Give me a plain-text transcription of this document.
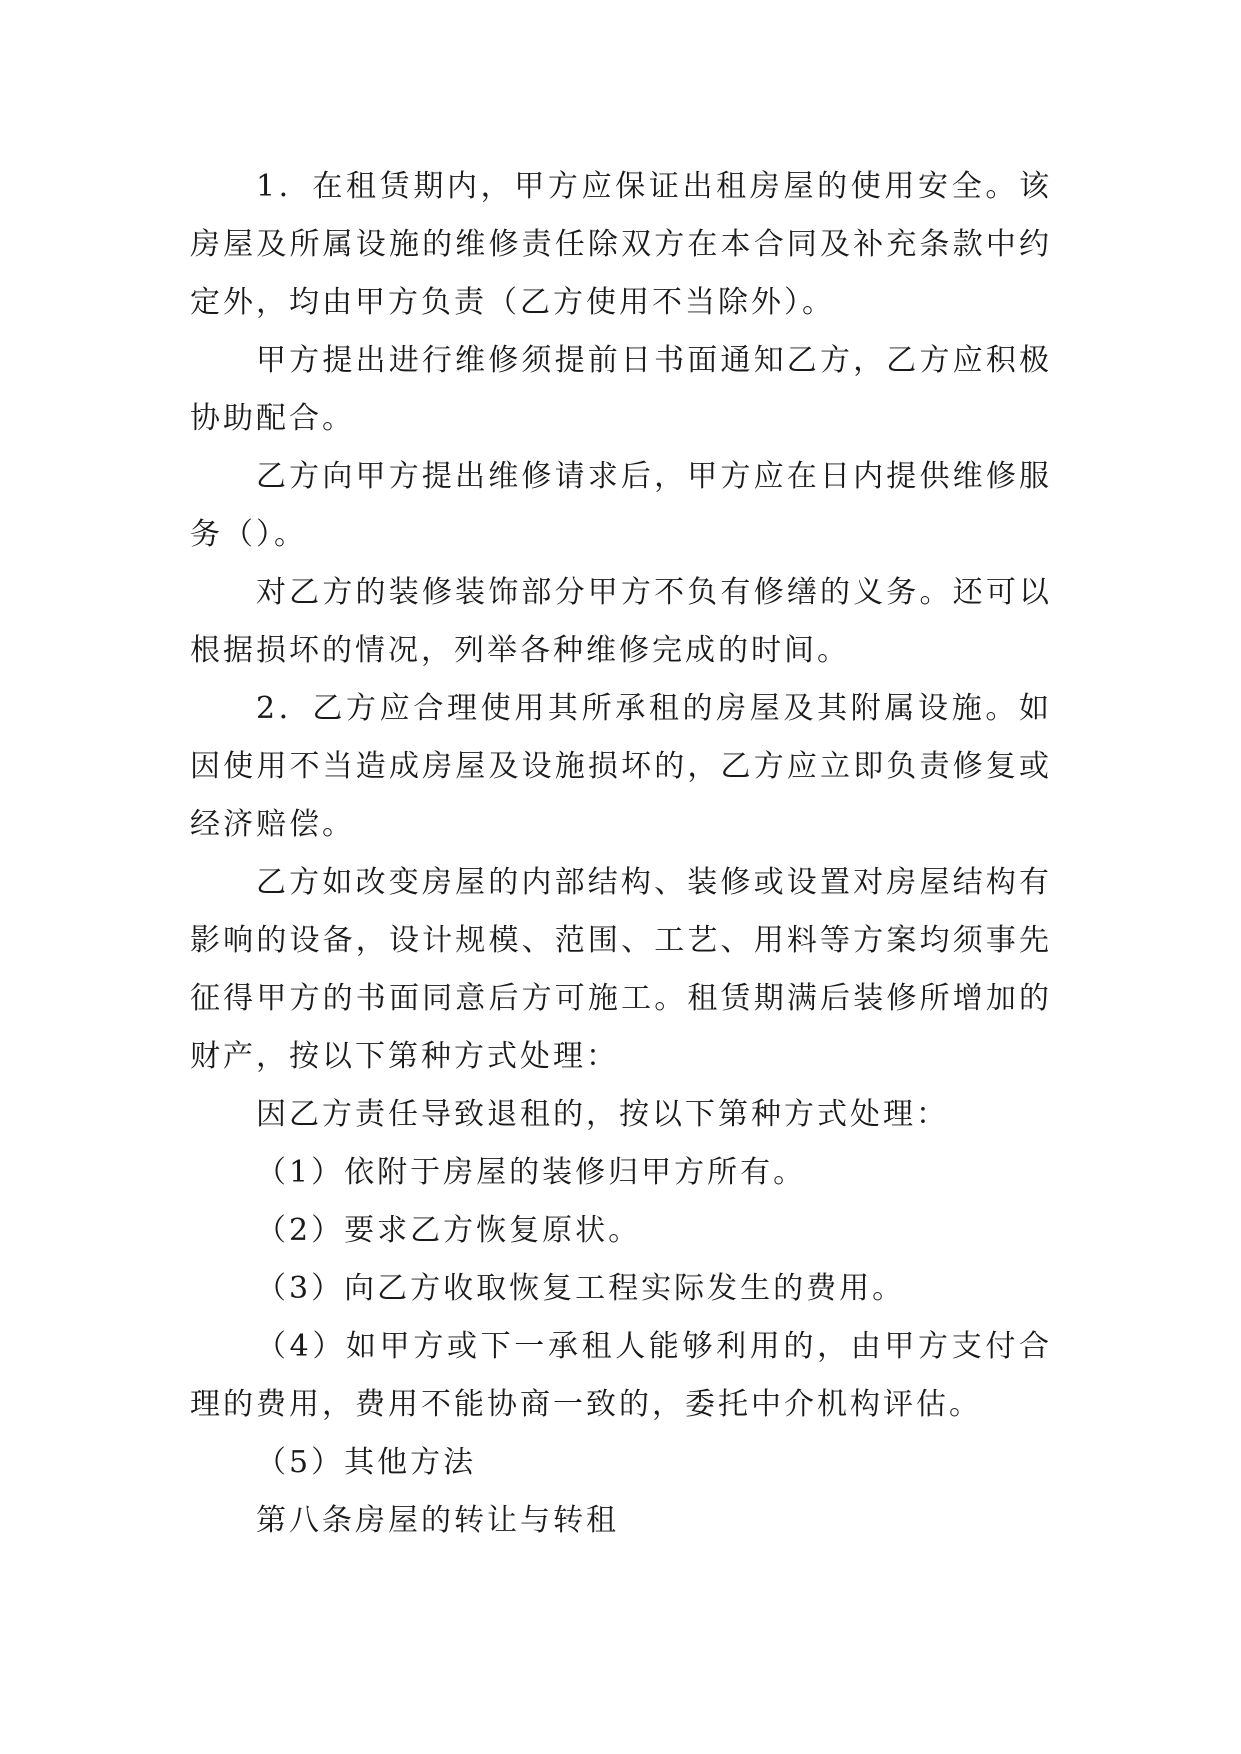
1．在租赁期内，甲方应保证出租房屋的使用安全。该房屋及所属设施的维修责任除双方在本合同及补充条款中约定外，均由甲方负责（乙方使用不当除外）。

甲方提出进行维修须提前日书面通知乙方，乙方应积极协助配合。

乙方向甲方提出维修请求后，甲方应在日内提供维修服务（）。

对乙方的装修装饰部分甲方不负有修缮的义务。还可以根据损坏的情况，列举各种维修完成的时间。

2．乙方应合理使用其所承租的房屋及其附属设施。如因使用不当造成房屋及设施损坏的，乙方应立即负责修复或经济赔偿。

乙方如改变房屋的内部结构、装修或设置对房屋结构有影响的设备，设计规模、范围、工艺、用料等方案均须事先征得甲方的书面同意后方可施工。租赁期满后装修所增加的财产，按以下第种方式处理：

因乙方责任导致退租的，按以下第种方式处理：

（1）依附于房屋的装修归甲方所有。

（2）要求乙方恢复原状。

（3）向乙方收取恢复工程实际发生的费用。

（4）如甲方或下一承租人能够利用的，由甲方支付合理的费用，费用不能协商一致的，委托中介机构评估。

（5）其他方法

第八条房屋的转让与转租
